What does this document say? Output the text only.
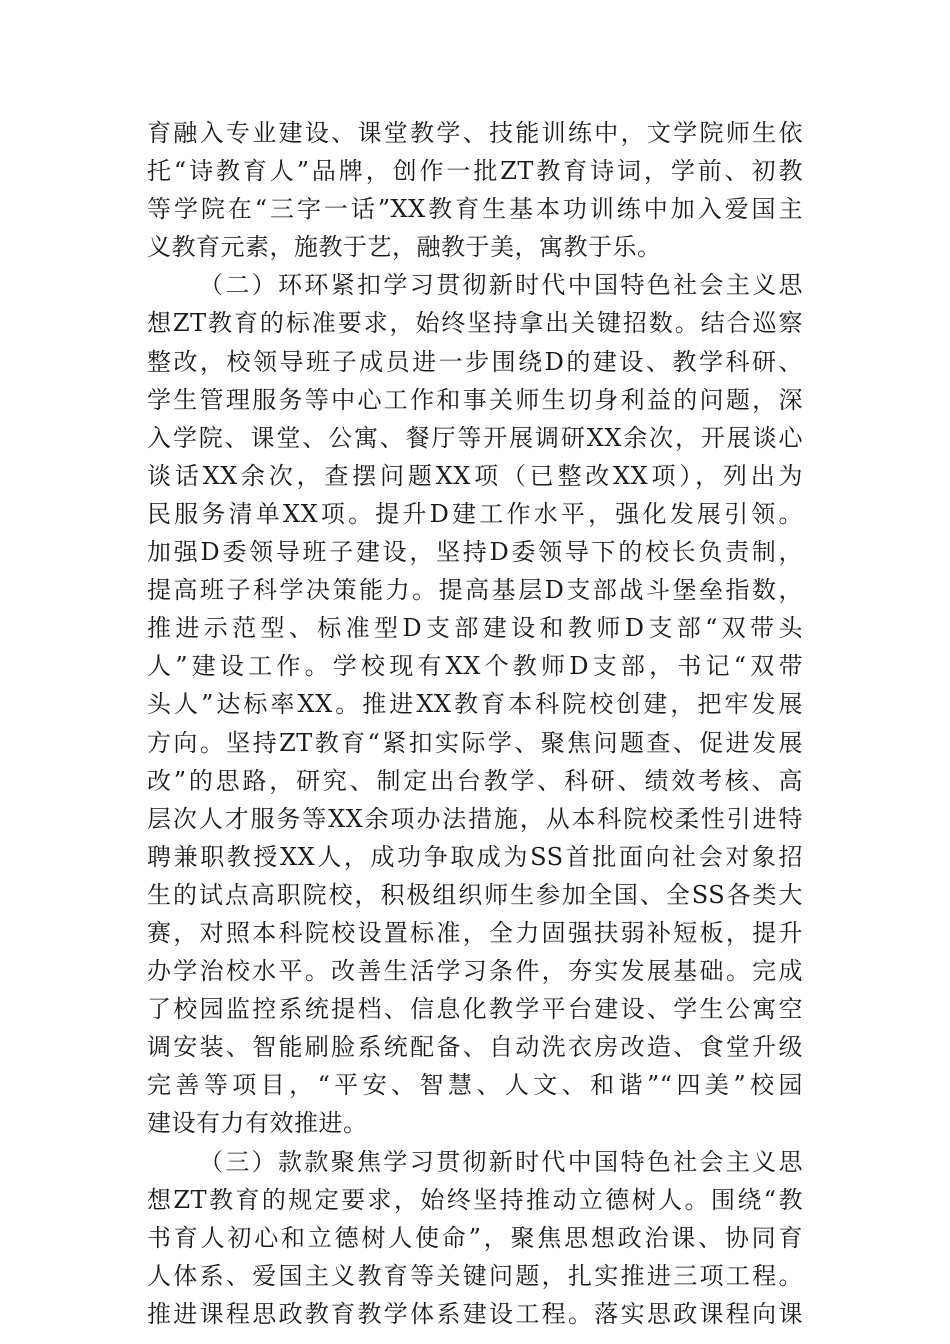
育融入专业建设、课堂教学、技能训练中，文学院师生依
托“诗教育人”品牌，创作一批ZT教育诗词，学前、初教
等学院在“三字一话”XX教育生基本功训练中加入爱国主
义教育元素，施教于艺，融教于美，寓教于乐。
（二）环环紧扣学习贯彻新时代中国特色社会主义思
想ZT教育的标准要求，始终坚持拿出关键招数。结合巡察
整改，校领导班子成员进一步围绕D的建设、教学科研、
学生管理服务等中心工作和事关师生切身利益的问题，深
入学院、课堂、公寓、餐厅等开展调研XX余次，开展谈心
谈话XX余次，查摆问题XX项（已整改XX项），列出为
民服务清单XX项。提升D建工作水平，强化发展引领。
加强D委领导班子建设，坚持D委领导下的校长负责制，
提高班子科学决策能力。提高基层D支部战斗堡垒指数，
推进示范型、标准型D支部建设和教师D支部“双带头
人”建设工作。学校现有XX个教师D支部，书记“双带
头人”达标率XX。推进XX教育本科院校创建，把牢发展
方向。坚持ZT教育“紧扣实际学、聚焦问题查、促进发展
改”的思路，研究、制定出台教学、科研、绩效考核、高
层次人才服务等XX余项办法措施，从本科院校柔性引进特
聘兼职教授XX人，成功争取成为SS首批面向社会对象招
生的试点高职院校，积极组织师生参加全国、全SS各类大
赛，对照本科院校设置标准，全力固强扶弱补短板，提升
办学治校水平。改善生活学习条件，夯实发展基础。完成
了校园监控系统提档、信息化教学平台建设、学生公寓空
调安装、智能刷脸系统配备、自动洗衣房改造、食堂升级
完善等项目，“平安、智慧、人文、和谐”“四美”校园
建设有力有效推进。
（三）款款聚焦学习贯彻新时代中国特色社会主义思
想ZT教育的规定要求，始终坚持推动立德树人。围绕“教
书育人初心和立德树人使命”，聚焦思想政治课、协同育
人体系、爱国主义教育等关键问题，扎实推进三项工程。
推进课程思政教育教学体系建设工程。落实思政课程向课
